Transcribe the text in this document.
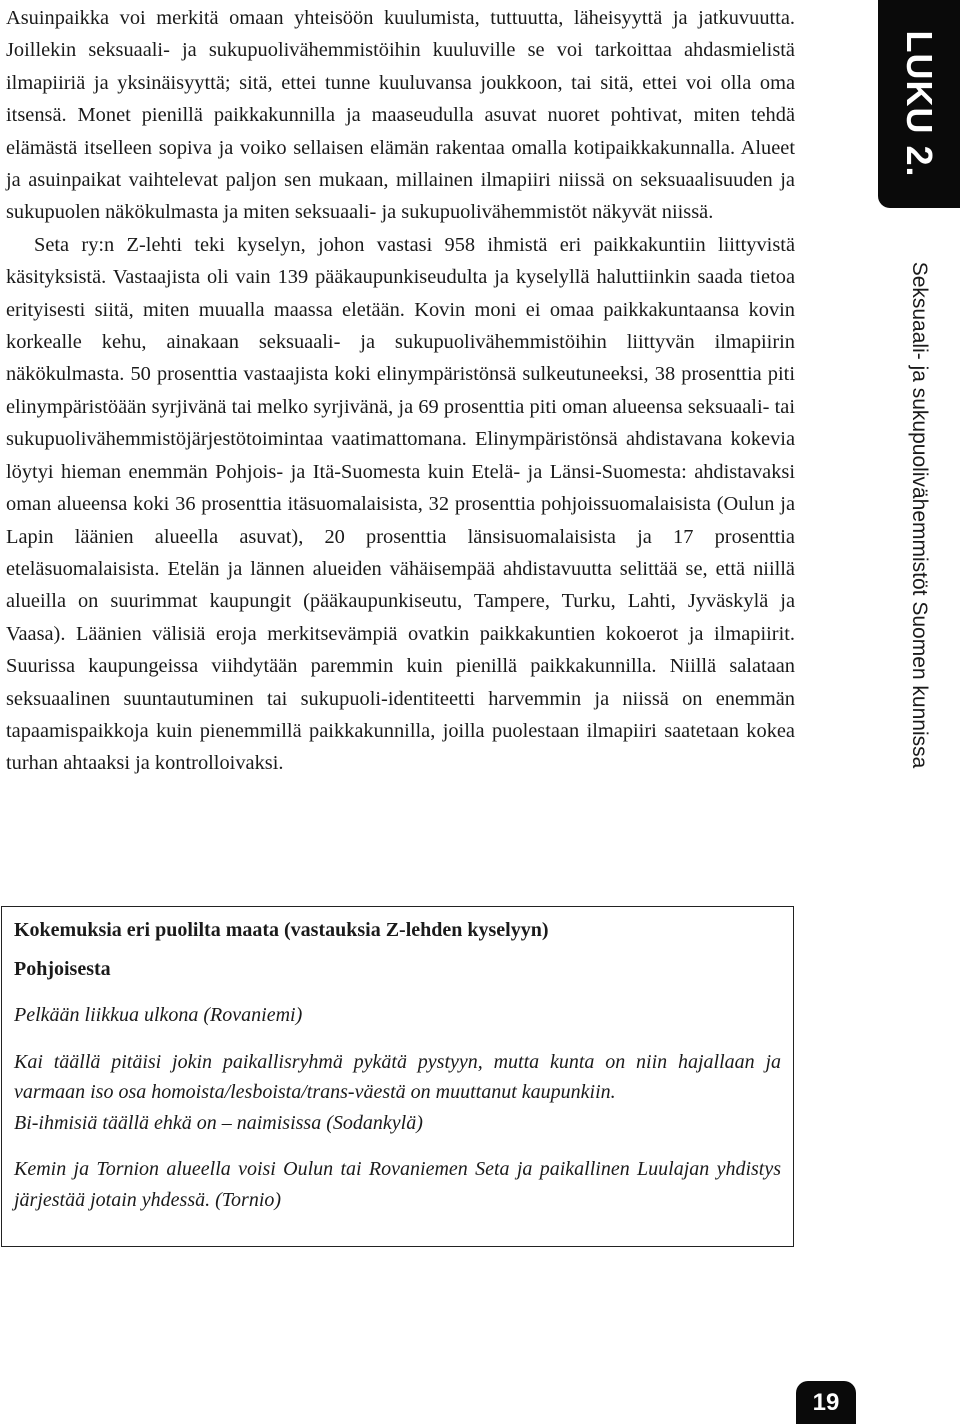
Asuinpaikka voi merkitä omaan yhteisöön kuulumista, tuttuutta, läheisyyttä ja jatkuvuutta. Joillekin seksuaali- ja sukupuolivähemmistöihin kuuluville se voi tarkoittaa ahdasmielistä ilmapiiriä ja yksinäisyyttä; sitä, ettei tunne kuuluvansa joukkoon, tai sitä, ettei voi olla oma itsensä. Monet pienillä paikkakunnilla ja maaseudulla asuvat nuoret pohtivat, miten tehdä elämästä itselleen sopiva ja voiko sellaisen elämän rakentaa omalla kotipaikkakunnalla. Alueet ja asuinpaikat vaihtelevat paljon sen mukaan, millainen ilmapiiri niissä on seksuaalisuuden ja sukupuolen näkökulmasta ja miten seksuaali- ja sukupuolivähemmistöt näkyvät niissä.

Seta ry:n Z-lehti teki kyselyn, johon vastasi 958 ihmistä eri paikkakuntiin liittyvistä käsityksistä. Vastaajista oli vain 139 pääkaupunkiseudulta ja kyselyllä haluttiinkin saada tietoa erityisesti siitä, miten muualla maassa eletään. Kovin moni ei omaa paikkakuntaansa kovin korkealle kehu, ainakaan seksuaali- ja sukupuolivähemmistöihin liittyvän ilmapiirin näkökulmasta. 50 prosenttia vastaajista koki elinympäristönsä sulkeutuneeksi, 38 prosenttia piti elinympäristöään syrjivänä tai melko syrjivänä, ja 69 prosenttia piti oman alueensa seksuaali- tai sukupuolivähemmistöjärjestötoimintaa vaatimattomana. Elinympäristönsä ahdistavana kokevia löytyi hieman enemmän Pohjois- ja Itä-Suomesta kuin Etelä- ja Länsi-Suomesta: ahdistavaksi oman alueensa koki 36 prosenttia itäsuomalaisista, 32 prosenttia pohjoissuomalaisista (Oulun ja Lapin läänien alueella asuvat), 20 prosenttia länsisuomalaisista ja 17 prosenttia eteläsuomalaisista. Etelän ja lännen alueiden vähäisempää ahdistavuutta selittää se, että niillä alueilla on suurimmat kaupungit (pääkaupunkiseutu, Tampere, Turku, Lahti, Jyväskylä ja Vaasa). Läänien välisiä eroja merkitsevämpiä ovatkin paikkakuntien kokoerot ja ilmapiirit. Suurissa kaupungeissa viihdytään paremmin kuin pienillä paikkakunnilla. Niillä salataan seksuaalinen suuntautuminen tai sukupuoli-identiteetti harvemmin ja niissä on enemmän tapaamispaikkoja kuin pienemmillä paikkakunnilla, joilla puolestaan ilmapiiri saatetaan kokea turhan ahtaaksi ja kontrolloivaksi.

LUKU 2.
Seksuaali- ja sukupuolivähemmistöt Suomen kunnissa

Kokemuksia eri puolilta maata (vastauksia Z-lehden kyselyyn)

Pohjoisesta

Pelkään liikkua ulkona (Rovaniemi)

Kai täällä pitäisi jokin paikallisryhmä pykätä pystyyn, mutta kunta on niin hajallaan ja varmaan iso osa homoista/lesboista/trans-väestä on muuttanut kaupunkiin.
Bi-ihmisiä täällä ehkä on – naimisissa (Sodankylä)

Kemin ja Tornion alueella voisi Oulun tai Rovaniemen Seta ja paikallinen Luulajan yhdistys järjestää jotain yhdessä. (Tornio)

19
